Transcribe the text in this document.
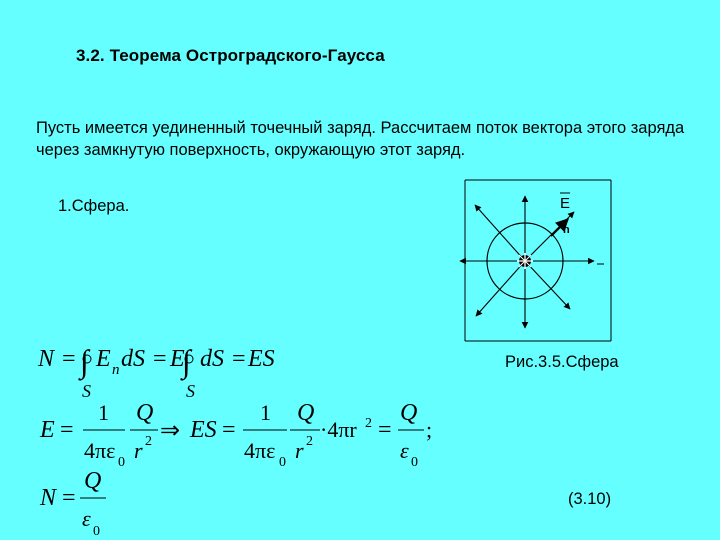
3.2. Теорема Остроградского-Гаусса
Пусть имеется уединенный точечный заряд. Рассчитаем поток вектора этого заряда через замкнутую поверхность, окружающую этот заряд.
1.Сфера.
Рис.3.5.Сфера
(3.10)
E
n
N = ∫
S
E n dS = E
∫
S
dS = ES
E =
1
4πε 0
Q
r 2 ⇒ ES =
1
4πε 0
Q
r 2 ·4πr 2 =
Q
ε 0
;
N =
Q
ε
0
